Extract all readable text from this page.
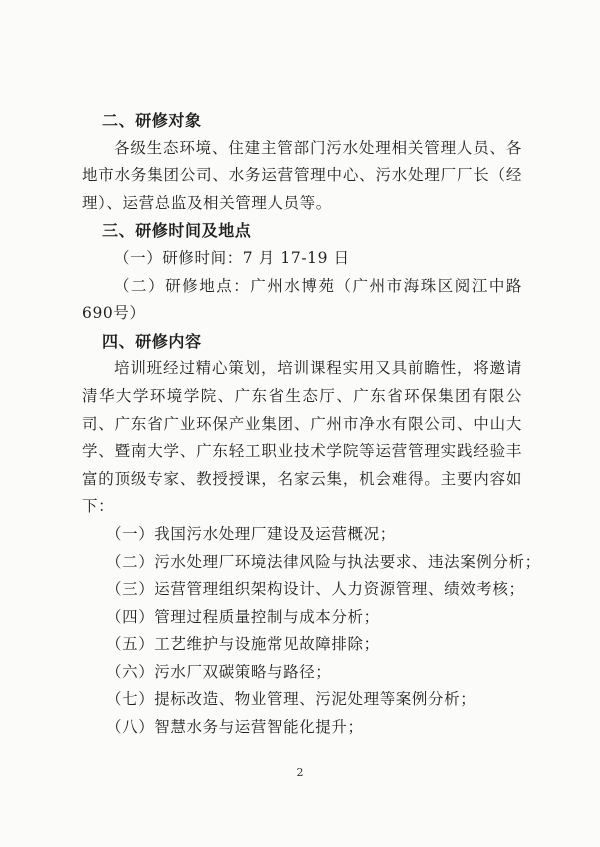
二、研修对象

各级生态环境、住建主管部门污水处理相关管理人员、各地市水务集团公司、水务运营管理中心、污水处理厂厂长（经理）、运营总监及相关管理人员等。

三、研修时间及地点

（一）研修时间：7 月 17-19 日

（二）研修地点：广州水博苑（广州市海珠区阅江中路 690号）

四、研修内容

培训班经过精心策划，培训课程实用又具前瞻性，将邀请清华大学环境学院、广东省生态厅、广东省环保集团有限公司、广东省广业环保产业集团、广州市净水有限公司、中山大学、暨南大学、广东轻工职业技术学院等运营管理实践经验丰富的顶级专家、教授授课，名家云集，机会难得。主要内容如下：

（一）我国污水处理厂建设及运营概况；

（二）污水处理厂环境法律风险与执法要求、违法案例分析；

（三）运营管理组织架构设计、人力资源管理、绩效考核；

（四）管理过程质量控制与成本分析；

（五）工艺维护与设施常见故障排除；

（六）污水厂双碳策略与路径；

（七）提标改造、物业管理、污泥处理等案例分析；

（八）智慧水务与运营智能化提升；

2
